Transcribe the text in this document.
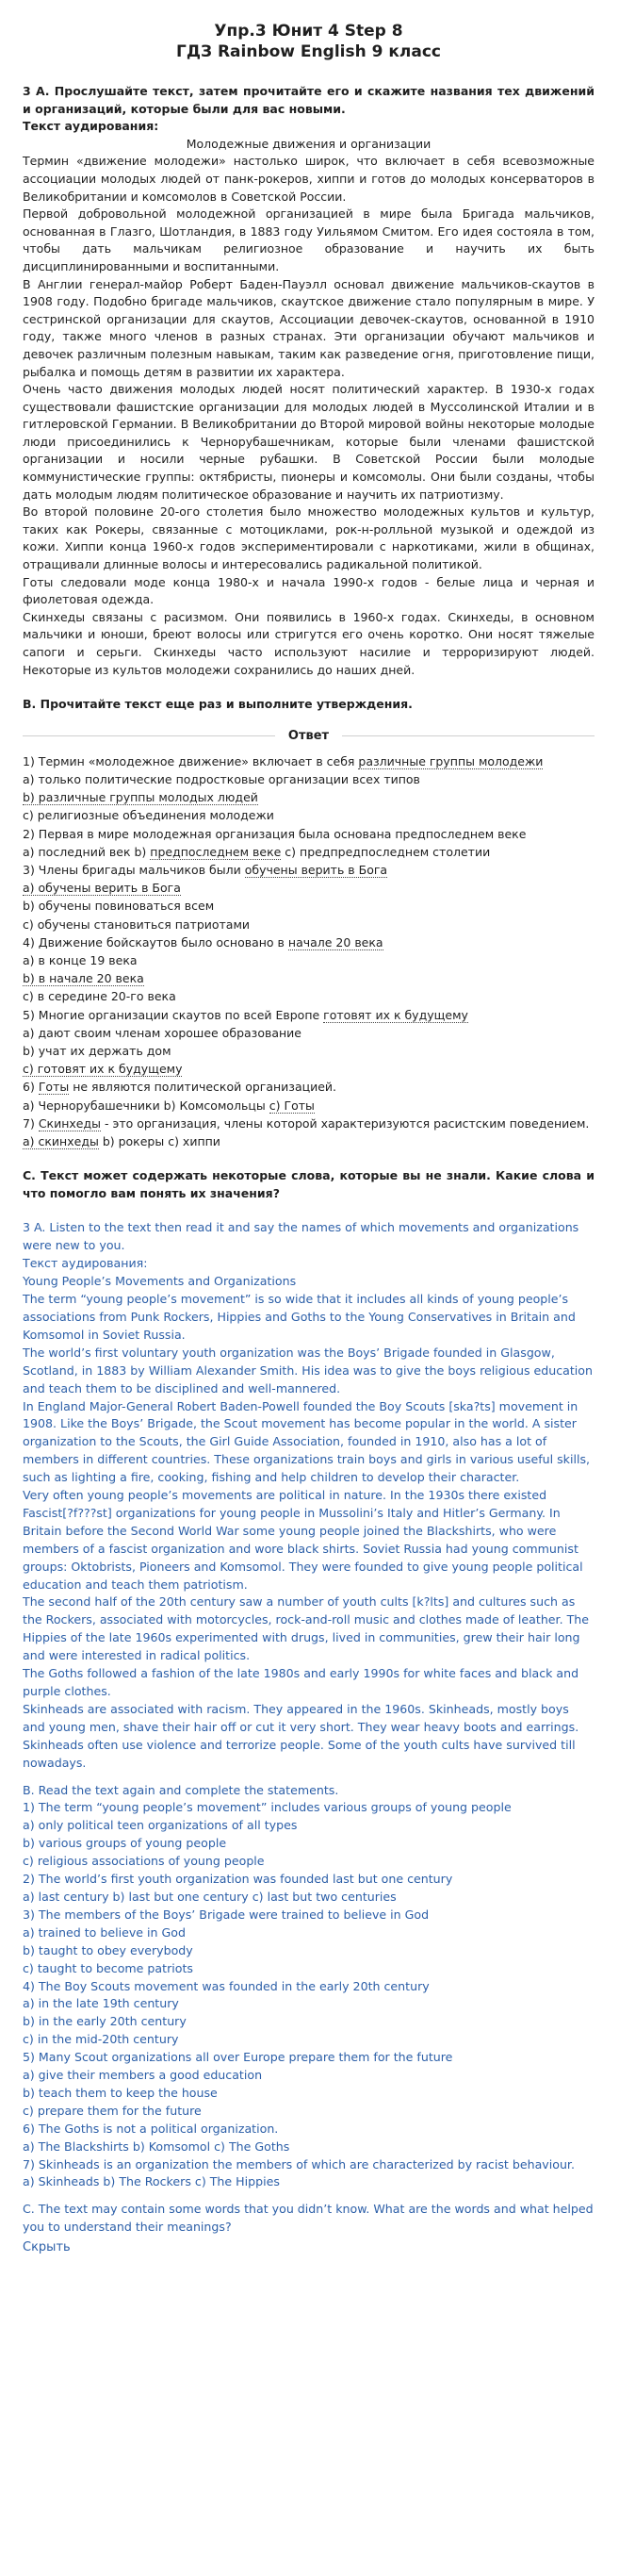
Упр.3 Юнит 4 Step 8
ГДЗ Rainbow English 9 класс

3 А. Прослушайте текст, затем прочитайте его и скажите названия тех движений и организаций, которые были для вас новыми.

Текст аудирования:

Молодежные движения и организации

Термин «движение молодежи» настолько широк, что включает в себя всевозможные ассоциации молодых людей от панк-рокеров, хиппи и готов до молодых консерваторов в Великобритании и комсомолов в Советской России.

Первой добровольной молодежной организацией в мире была Бригада мальчиков, основанная в Глазго, Шотландия, в 1883 году Уильямом Смитом. Его идея состояла в том, чтобы дать мальчикам религиозное образование и научить их быть дисциплинированными и воспитанными.

В Англии генерал-майор Роберт Баден-Пауэлл основал движение мальчиков-скаутов в 1908 году. Подобно бригаде мальчиков, скаутское движение стало популярным в мире. У сестринской организации для скаутов, Ассоциации девочек-скаутов, основанной в 1910 году, также много членов в разных странах. Эти организации обучают мальчиков и девочек различным полезным навыкам, таким как разведение огня, приготовление пищи, рыбалка и помощь детям в развитии их характера.

Очень часто движения молодых людей носят политический характер. В 1930-х годах существовали фашистские организации для молодых людей в Муссолинской Италии и в гитлеровской Германии. В Великобритании до Второй мировой войны некоторые молодые люди присоединились к Чернорубашечникам, которые были членами фашистской организации и носили черные рубашки. В Советской России были молодые коммунистические группы: октябристы, пионеры и комсомолы. Они были созданы, чтобы дать молодым людям политическое образование и научить их патриотизму.

Во второй половине 20-ого столетия было множество молодежных культов и культур, таких как Рокеры, связанные с мотоциклами, рок-н-ролльной музыкой и одеждой из кожи. Хиппи конца 1960-х годов экспериментировали с наркотиками, жили в общинах, отращивали длинные волосы и интересовались радикальной политикой.

Готы следовали моде конца 1980-х и начала 1990-х годов - белые лица и черная и фиолетовая одежда.

Скинхеды связаны с расизмом. Они появились в 1960-х годах. Скинхеды, в основном мальчики и юноши, бреют волосы или стригутся его очень коротко. Они носят тяжелые сапоги и серьги. Скинхеды часто используют насилие и терроризируют людей. Некоторые из культов молодежи сохранились до наших дней.

B. Прочитайте текст еще раз и выполните утверждения.

Ответ
1) Термин «молодежное движение» включает в себя различные группы молодежи
a) только политические подростковые организации всех типов
b) различные группы молодых людей
c) религиозные объединения молодежи
2) Первая в мире молодежная организация была основана предпоследнем веке
a) последний век b) предпоследнем веке c) предпредпоследнем столетии
3) Члены бригады мальчиков были обучены верить в Бога
a) обучены верить в Бога
b) обучены повиноваться всем
c) обучены становиться патриотами
4) Движение бойскаутов было основано в начале 20 века
a) в конце 19 века
b) в начале 20 века
c) в середине 20-го века
5) Многие организации скаутов по всей Европе готовят их к будущему
a) дают своим членам хорошее образование
b) учат их держать дом
c) готовят их к будущему
6) Готы не являются политической организацией.
a) Чернорубашечники b) Комсомольцы c) Готы
7) Скинхеды - это организация, члены которой характеризуются расистским поведением.
a) скинхеды b) рокеры c) хиппи

C. Текст может содержать некоторые слова, которые вы не знали. Какие слова и что помогло вам понять их значения?

3 A. Listen to the text then read it and say the names of which movements and organizations were new to you.

Текст аудирования:

Young People’s Movements and Organizations

The term “young people’s movement” is so wide that it includes all kinds of young people’s associations from Punk Rockers, Hippies and Goths to the Young Conservatives in Britain and Komsomol in Soviet Russia.

The world’s first voluntary youth organization was the Boys’ Brigade founded in Glasgow, Scotland, in 1883 by William Alexander Smith. His idea was to give the boys religious education and teach them to be disciplined and well-mannered.

In England Major-General Robert Baden-Powell founded the Boy Scouts [ska?ts] movement in 1908. Like the Boys’ Brigade, the Scout movement has become popular in the world. A sister organization to the Scouts, the Girl Guide Association, founded in 1910, also has a lot of members in different countries. These organizations train boys and girls in various useful skills, such as lighting a fire, cooking, fishing and help children to develop their character.

Very often young people’s movements are political in nature. In the 1930s there existed Fascist[?f???st] organizations for young people in Mussolini’s Italy and Hitler’s Germany. In Britain before the Second World War some young people joined the Blackshirts, who were members of a fascist organization and wore black shirts. Soviet Russia had young communist groups: Oktobrists, Pioneers and Komsomol. They were founded to give young people political education and teach them patriotism.

The second half of the 20th century saw a number of youth cults [k?lts] and cultures such as the Rockers, associated with motorcycles, rock-and-roll music and clothes made of leather. The Hippies of the late 1960s experimented with drugs, lived in communities, grew their hair long and were interested in radical politics.

The Goths followed a fashion of the late 1980s and early 1990s for white faces and black and purple clothes.

Skinheads are associated with racism. They appeared in the 1960s. Skinheads, mostly boys and young men, shave their hair off or cut it very short. They wear heavy boots and earrings. Skinheads often use violence and terrorize people. Some of the youth cults have survived till nowadays.

B. Read the text again and complete the statements.

1) The term “young people’s movement” includes various groups of young people

a) only political teen organizations of all types

b) various groups of young people

c) religious associations of young people

2) The world’s first youth organization was founded last but one century

a) last century b) last but one century c) last but two centuries

3) The members of the Boys’ Brigade were trained to believe in God

a) trained to believe in God

b) taught to obey everybody

c) taught to become patriots

4) The Boy Scouts movement was founded in the early 20th century

a) in the late 19th century

b) in the early 20th century

c) in the mid-20th century

5) Many Scout organizations all over Europe prepare them for the future

a) give their members a good education

b) teach them to keep the house

c) prepare them for the future

6) The Goths is not a political organization.

a) The Blackshirts b) Komsomol c) The Goths

7) Skinheads is an organization the members of which are characterized by racist behaviour.

a) Skinheads b) The Rockers c) The Hippies

C. The text may contain some words that you didn’t know. What are the words and what helped you to understand their meanings?

Скрыть
